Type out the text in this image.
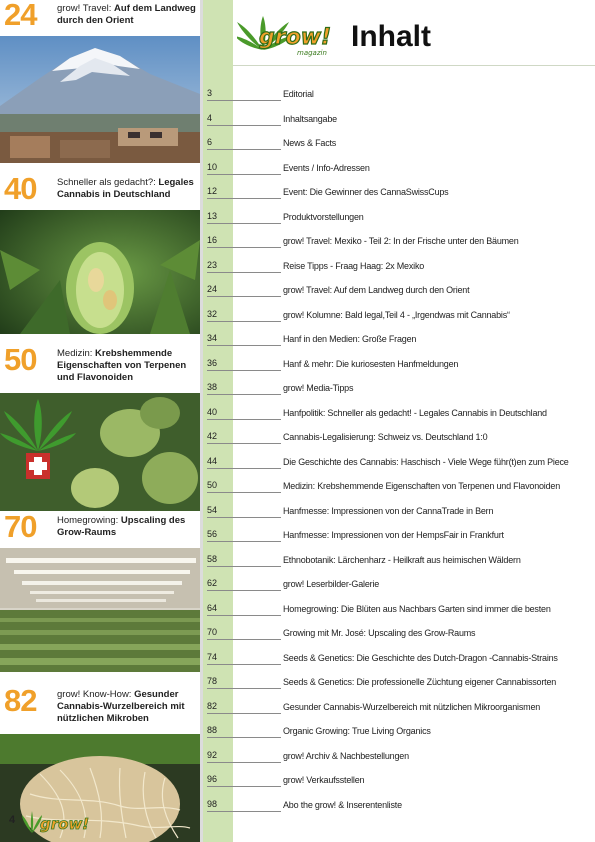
24 grow! Travel: Auf dem Landweg durch den Orient
40 Schneller als gedacht?: Legales Cannabis in Deutschland
50 Medizin: Krebshemmende Eigenschaften von Terpenen und Flavonoiden
70 Homegrowing: Upscaling des Grow-Raums
82 grow! Know-How: Gesunder Cannabis-Wurzelbereich mit nützlichen Mikroben
4 grow!
grow!
magazin Inhalt
3	Editorial
4	Inhaltsangabe
6	News & Facts
10	Events / Info-Adressen
12	Event: Die Gewinner des CannaSwissCups
13	Produktvorstellungen
16	grow! Travel: Mexiko - Teil 2: In der Frische unter den Bäumen
23	Reise Tipps - Fraag Haag: 2x Mexiko
24	grow! Travel: Auf dem Landweg durch den Orient
32	grow! Kolumne: Bald legal,Teil 4 - „Irgendwas mit Cannabis“
34	Hanf in den Medien: Große Fragen
36	Hanf & mehr: Die kuriosesten Hanfmeldungen
38	grow! Media-Tipps
40	Hanfpolitik: Schneller als gedacht! - Legales Cannabis in Deutschland
42	Cannabis-Legalisierung: Schweiz vs. Deutschland 1:0
44	Die Geschichte des Cannabis: Haschisch - Viele Wege führ(t)en zum Piece
50	Medizin: Krebshemmende Eigenschaften von Terpenen und Flavonoiden
54	Hanfmesse: Impressionen von der CannaTrade in Bern
56	Hanfmesse: Impressionen von der HempsFair in Frankfurt
58	Ethnobotanik: Lärchenharz - Heilkraft aus heimischen Wäldern
62	grow! Leserbilder-Galerie
64	Homegrowing: Die Blüten aus Nachbars Garten sind immer die besten
70	Growing mit Mr. José: Upscaling des Grow-Raums
74	Seeds & Genetics: Die Geschichte des Dutch-Dragon -Cannabis-Strains
78	Seeds & Genetics: Die professionelle Züchtung eigener Cannabissorten
82	Gesunder Cannabis-Wurzelbereich mit nützlichen Mikroorganismen
88	Organic Growing: True Living Organics
92	grow! Archiv & Nachbestellungen
96	grow! Verkaufsstellen
98	Abo the grow! & Inserentenliste
